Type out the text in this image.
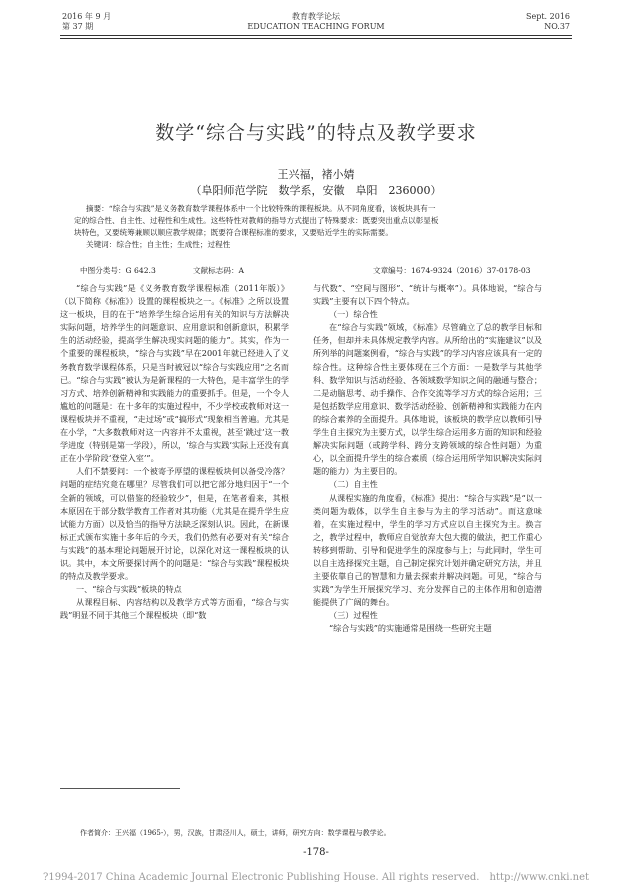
2016 年 9 月
第 37 期
教育教学论坛
EDUCATION TEACHING FORUM
Sept. 2016
NO.37
数学“综合与实践”的特点及教学要求
王兴福，褚小婧
（阜阳师范学院　数学系，安徽　阜阳　236000）
摘要：“综合与实践”是义务教育数学课程体系中一个比较特殊的课程板块。从不同角度看，该板块具有一
定的综合性、自主性、过程性和生成性。这些特性对教师的指导方式提出了特殊要求：既要突出重点以彰显板
块特色，又要统筹兼顾以顺应教学规律；既要符合课程标准的要求，又要贴近学生的实际需要。
关键词：综合性；自主性；生成性；过程性
中图分类号：G 642.3	文献标志码：A	文章编号：1674-9324（2016）37-0178-03

“综合与实践”是《义务教育数学课程标准（2011年版）》（以下简称《标准》）设置的课程板块之一。《标准》之所以设置这一板块，目的在于“培养学生综合运用有关的知识与方法解决实际问题，培养学生的问题意识、应用意识和创新意识，积累学生的活动经验，提高学生解决现实问题的能力”。其实，作为一个重要的课程板块，“综合与实践”早在2001年就已经进入了义务教育数学课程体系，只是当时被冠以“综合与实践应用”之名而已。“综合与实践”被认为是新课程的一大特色，是丰富学生的学习方式、培养创新精神和实践能力的重要抓手。但是，一个令人尴尬的问题是：在十多年的实施过程中，不少学校或教师对这一课程板块并不重视，“走过场”或“搞形式”现象相当普遍。尤其是在小学，“大多数教师对这一内容并不太重视，甚至‘跳过’这一教学进度（特别是第一学段），所以，‘综合与实践’实际上还没有真正在小学阶段‘登堂入室’”。

人们不禁要问：一个被寄予厚望的课程板块何以备受冷落？问题的症结究竟在哪里？尽管我们可以把它部分地归因于“一个全新的领域，可以借鉴的经验较少”，但是，在笔者看来，其根本原因在于部分数学教育工作者对其功能（尤其是在提升学生应试能力方面）以及恰当的指导方法缺乏深刻认识。因此，在新课标正式颁布实施十多年后的今天，我们仍然有必要对有关“综合与实践”的基本理论问题展开讨论，以深化对这一课程板块的认识。其中，本文所要探讨两个的问题是：“综合与实践”课程板块的特点及教学要求。

一、“综合与实践”板块的特点

从课程目标、内容结构以及教学方式等方面看，“综合与实践”明显不同于其他三个课程板块（即“数

与代数”、“空间与图形”、“统计与概率”）。具体地说，“综合与实践”主要有以下四个特点。

（一）综合性

在“综合与实践”领域，《标准》尽管确立了总的教学目标和任务，但却并未具体规定教学内容。从所给出的“实施建议”以及所列举的问题案例看，“综合与实践”的学习内容应该具有一定的综合性。这种综合性主要体现在三个方面：一是数学与其他学科、数学知识与活动经验、各领域数学知识之间的融通与整合；二是动脑思考、动手操作、合作交流等学习方式的综合运用；三是包括数学应用意识、数学活动经验、创新精神和实践能力在内的综合素养的全面提升。具体地说，该板块的教学应以教师引导学生自主探究为主要方式，以学生综合运用多方面的知识和经验解决实际问题（或跨学科、跨分支跨领域的综合性问题）为重心，以全面提升学生的综合素质（综合运用所学知识解决实际问题的能力）为主要目的。

（二）自主性

从课程实施的角度看，《标准》提出：“综合与实践”是“以一类问题为载体，以学生自主参与为主的学习活动”。而这意味着，在实施过程中，学生的学习方式应以自主探究为主。换言之，教学过程中，教师应自觉放弃大包大揽的做法，把工作重心转移到帮助、引导和促进学生的深度参与上；与此同时，学生可以自主选择探究主题，自己制定探究计划并确定研究方法，并且主要依靠自己的智慧和力量去探索并解决问题。可见，“综合与实践”为学生开展探究学习、充分发挥自己的主体作用和创造潜能提供了广阔的舞台。

（三）过程性

“综合与实践”的实施通常是围绕一些研究主题

作者简介：王兴福（1965-），男，汉族，甘肃泾川人，硕士，讲师，研究方向：数学课程与教学论。
-178-
?1994-2017 China Academic Journal Electronic Publishing House. All rights reserved.　http://www.cnki.net
